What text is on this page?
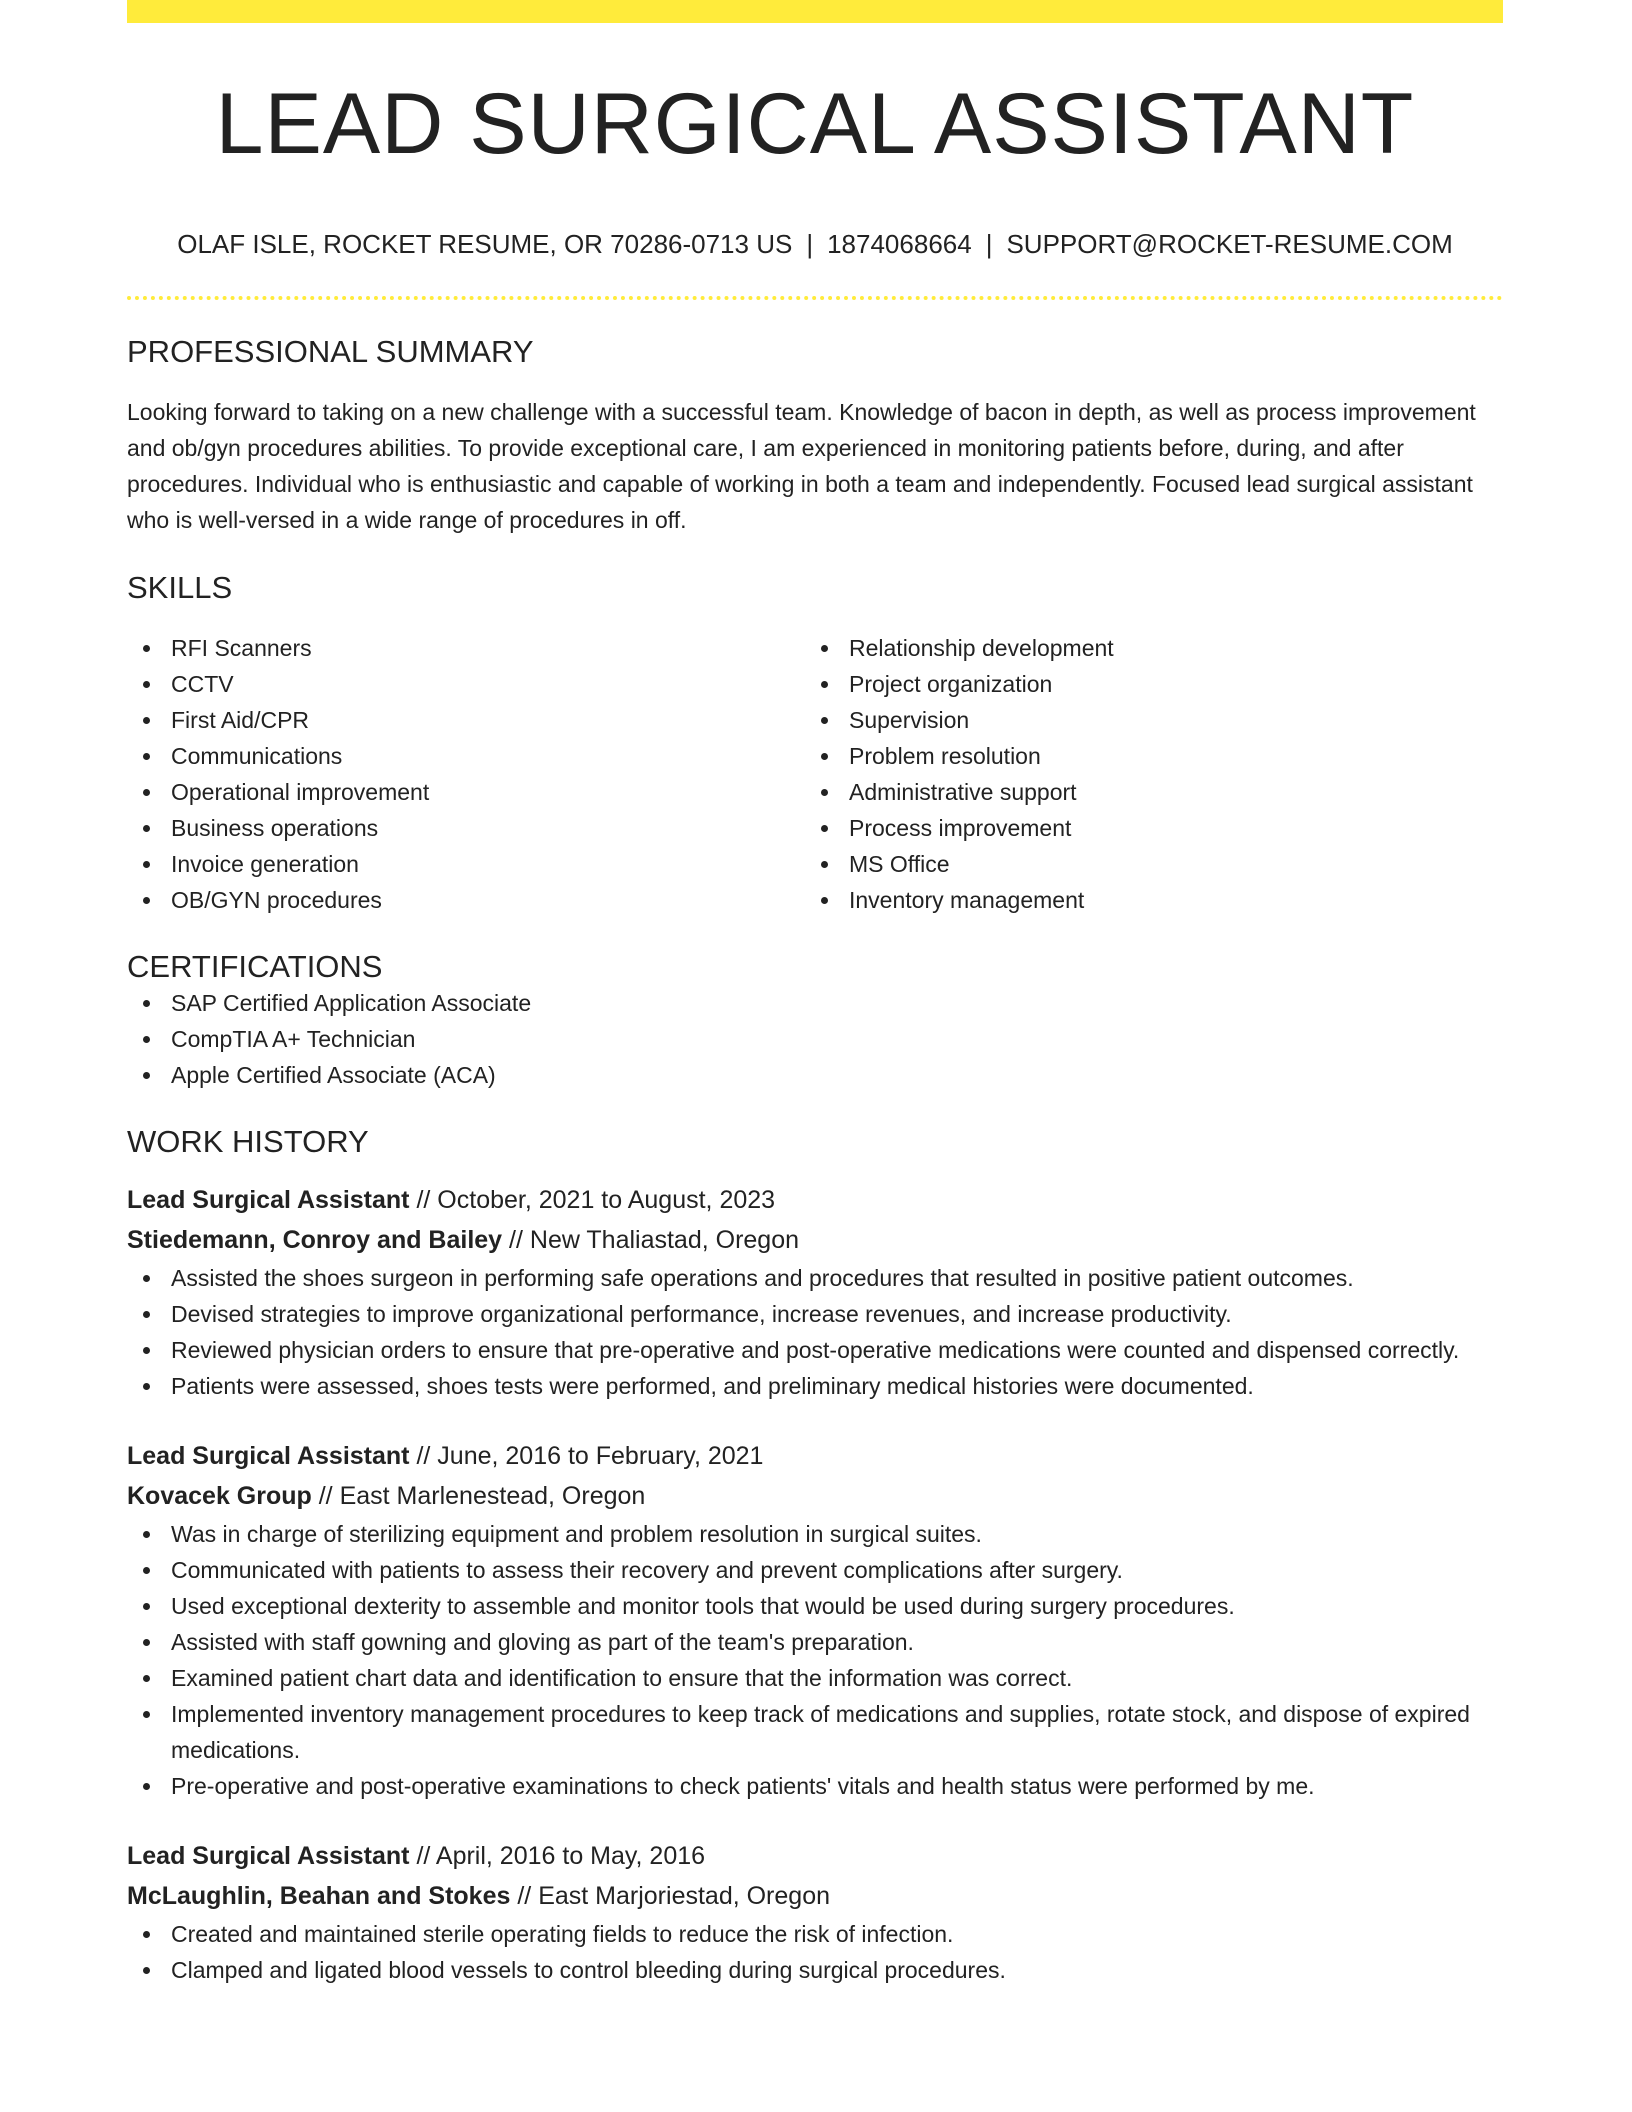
LEAD SURGICAL ASSISTANT
OLAF ISLE, ROCKET RESUME, OR 70286-0713 US | 1874068664 | SUPPORT@ROCKET-RESUME.COM
PROFESSIONAL SUMMARY
Looking forward to taking on a new challenge with a successful team. Knowledge of bacon in depth, as well as process improvement and ob/gyn procedures abilities. To provide exceptional care, I am experienced in monitoring patients before, during, and after procedures. Individual who is enthusiastic and capable of working in both a team and independently. Focused lead surgical assistant who is well-versed in a wide range of procedures in off.
SKILLS
RFI Scanners
CCTV
First Aid/CPR
Communications
Operational improvement
Business operations
Invoice generation
OB/GYN procedures
Relationship development
Project organization
Supervision
Problem resolution
Administrative support
Process improvement
MS Office
Inventory management
CERTIFICATIONS
SAP Certified Application Associate
CompTIA A+ Technician
Apple Certified Associate (ACA)
WORK HISTORY
Lead Surgical Assistant // October, 2021 to August, 2023
Stiedemann, Conroy and Bailey // New Thaliastad, Oregon
Assisted the shoes surgeon in performing safe operations and procedures that resulted in positive patient outcomes.
Devised strategies to improve organizational performance, increase revenues, and increase productivity.
Reviewed physician orders to ensure that pre-operative and post-operative medications were counted and dispensed correctly.
Patients were assessed, shoes tests were performed, and preliminary medical histories were documented.
Lead Surgical Assistant // June, 2016 to February, 2021
Kovacek Group // East Marlenestead, Oregon
Was in charge of sterilizing equipment and problem resolution in surgical suites.
Communicated with patients to assess their recovery and prevent complications after surgery.
Used exceptional dexterity to assemble and monitor tools that would be used during surgery procedures.
Assisted with staff gowning and gloving as part of the team's preparation.
Examined patient chart data and identification to ensure that the information was correct.
Implemented inventory management procedures to keep track of medications and supplies, rotate stock, and dispose of expired medications.
Pre-operative and post-operative examinations to check patients' vitals and health status were performed by me.
Lead Surgical Assistant // April, 2016 to May, 2016
McLaughlin, Beahan and Stokes // East Marjoriestad, Oregon
Created and maintained sterile operating fields to reduce the risk of infection.
Clamped and ligated blood vessels to control bleeding during surgical procedures.
